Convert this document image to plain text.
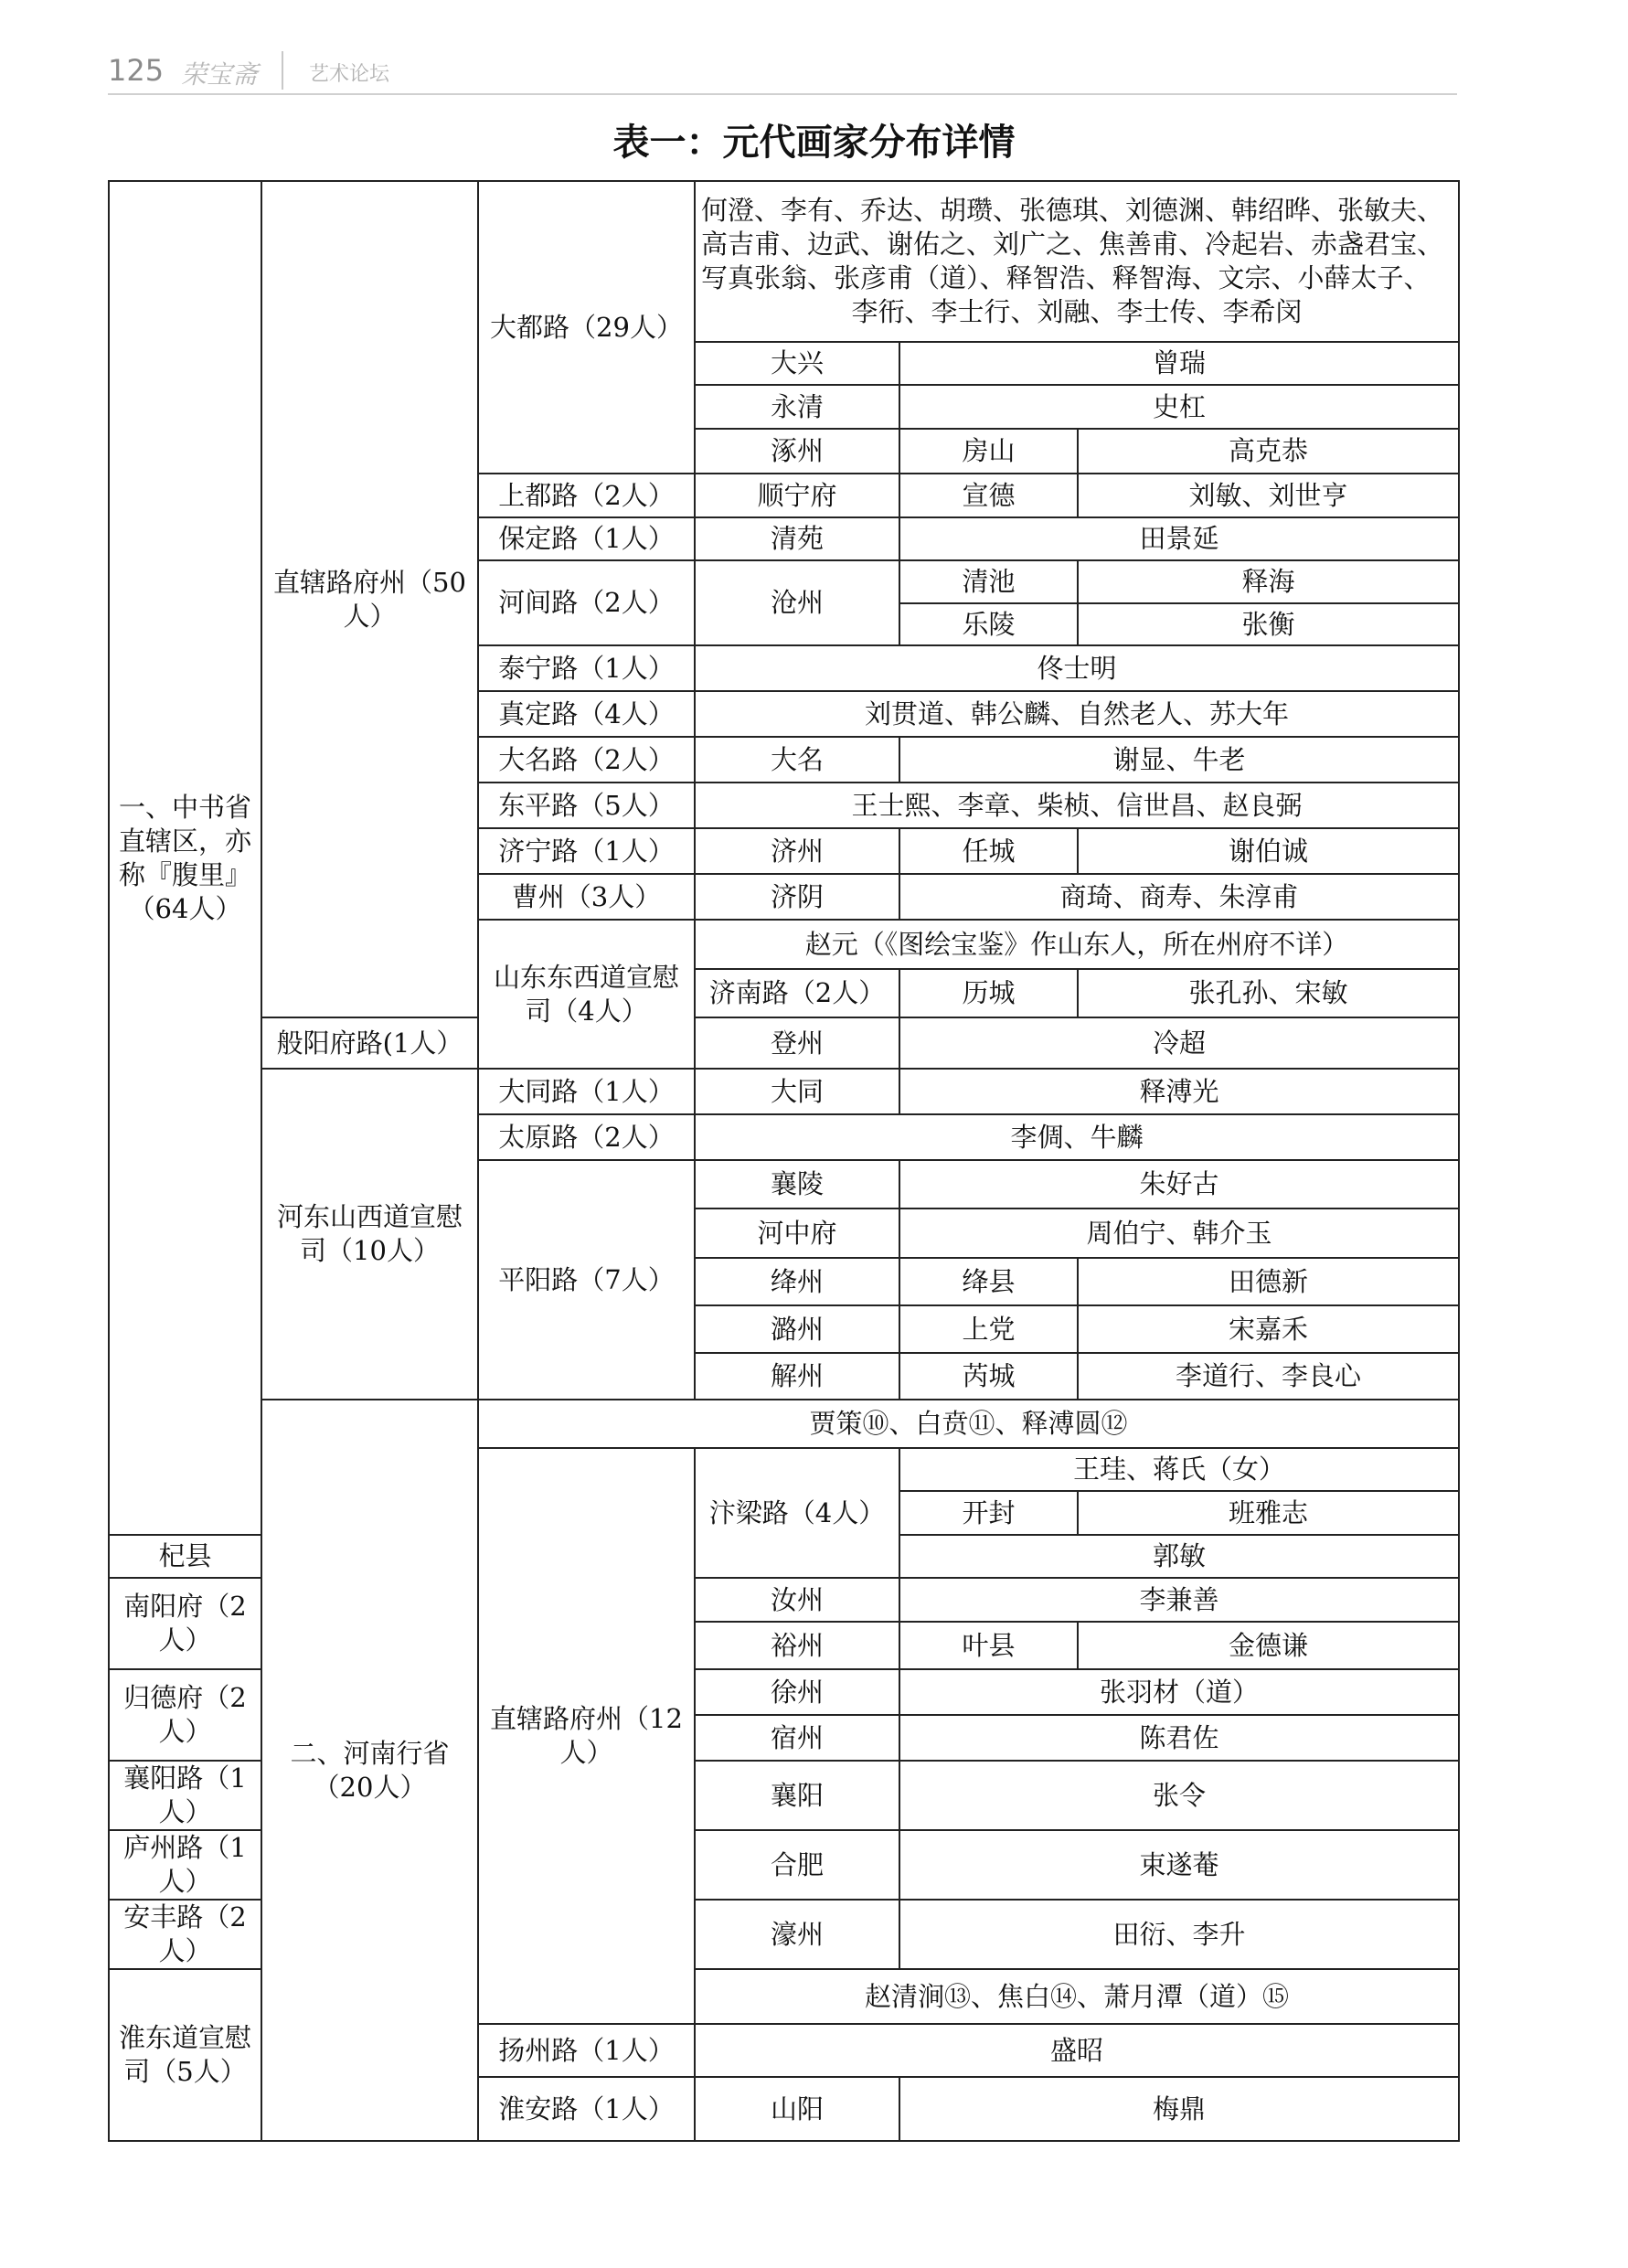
125 荣宝斋	艺术论坛
表一：元代画家分布详情
一、中书省直辖区，亦称『腹里』（64人）	直辖路府州（50人）	大都路（29人）	何澄、李有、乔达、胡瓒、张德琪、刘德渊、韩绍晔、张敏夫、高吉甫、边武、谢佑之、刘广之、焦善甫、冷起岩、赤盏君宝、写真张翁、张彦甫（道）、释智浩、释智海、文宗、小薛太子、李衎、李士行、刘融、李士传、李希闵		
			大兴	曾瑞	
			永清	史杠	
			涿州	房山	高克恭
		上都路（2人）	顺宁府	宣德	刘敏、刘世亨
		保定路（1人）	清苑	田景延	
		河间路（2人）	沧州	清池	释海
				乐陵	张衡
		泰宁路（1人）	佟士明		
		真定路（4人）	刘贯道、韩公麟、自然老人、苏大年		
		大名路（2人）	大名	谢显、牛老	
		东平路（5人）	王士熙、李章、柴桢、信世昌、赵良弼		
		济宁路（1人）	济州	任城	谢伯诚
		曹州（3人）	济阴	商琦、商寿、朱淳甫	
		山东东西道宣慰司（4人）	赵元（《图绘宝鉴》作山东人，所在州府不详）		
			济南路（2人）	历城	张孔孙、宋敏
	般阳府路(1人）		登州	冷超	
	河东山西道宣慰司（10人）	大同路（1人）	大同	释溥光	
		太原路（2人）	李倜、牛麟		
		平阳路（7人）	襄陵	朱好古	
			河中府	周伯宁、韩介玉	
			绛州	绛县	田德新
			潞州	上党	宋嘉禾
			解州	芮城	李道行、李良心
	二、河南行省（20人）	贾策⑩、白贲⑪、释溥圆⑫			
		直辖路府州（12人）	汴梁路（4人）	王珪、蒋氏（女）	
				开封	班雅志
杞县				郭敏	
南阳府（2人）			汝州	李兼善	
			裕州	叶县	金德谦
归德府（2人）			徐州	张羽材（道）	
			宿州	陈君佐	
襄阳路（1人）			襄阳	张令	
庐州路（1人）			合肥	束遂菴	
安丰路（2人）			濠州	田衍、李升	
淮东道宣慰司（5人）			赵清涧⑬、焦白⑭、萧月潭（道）⑮		
		扬州路（1人）	盛昭		
		淮安路（1人）	山阳	梅鼎	
